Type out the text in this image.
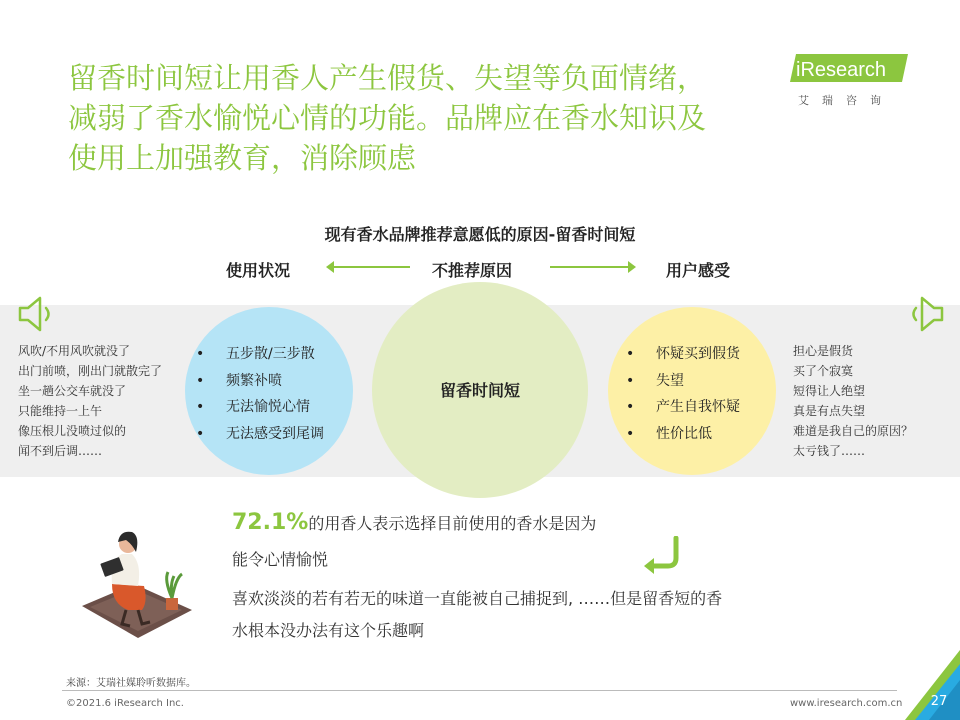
留香时间短让用香人产生假货、失望等负面情绪，
减弱了香水愉悦心情的功能。品牌应在香水知识及
使用上加强教育，消除顾虑
iResearch
艾瑞咨询
现有香水品牌推荐意愿低的原因-留香时间短
使用状况	不推荐原因	用户感受
• 五步散/三步散
• 频繁补喷
• 无法愉悦心情
• 无法感受到尾调
留香时间短
• 怀疑买到假货
• 失望
• 产生自我怀疑
• 性价比低
风吹/不用风吹就没了
出门前喷，刚出门就散完了
坐一趟公交车就没了
只能维持一上午
像压根儿没喷过似的
闻不到后调……
担心是假货
买了个寂寞
短得让人绝望
真是有点失望
难道是我自己的原因？
太亏钱了……
72.1%的用香人表示选择目前使用的香水是因为
能令心情愉悦
喜欢淡淡的若有若无的味道一直能被自己捕捉到, ……但是留香短的香
水根本没办法有这个乐趣啊
来源：艾瑞社媒聆听数据库。
©2021.6 iResearch Inc.	www.iresearch.com.cn	27
